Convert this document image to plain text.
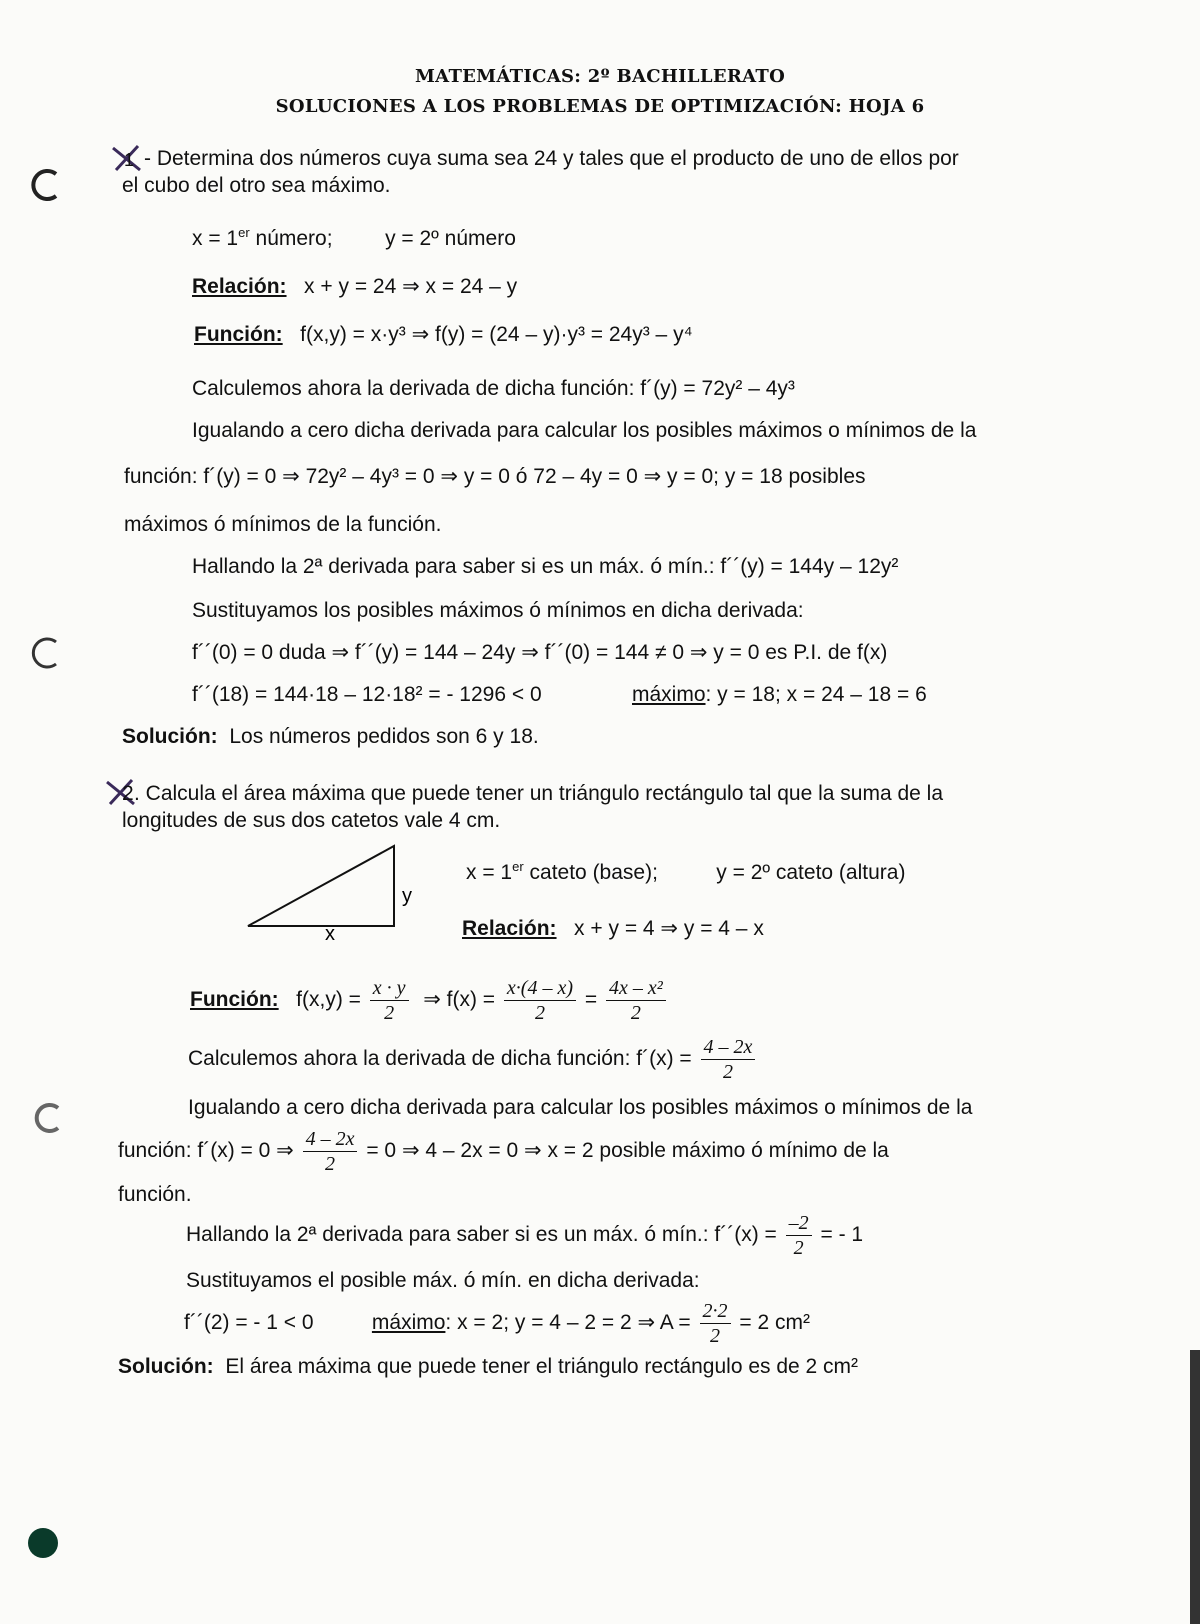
MATEMÁTICAS: 2º BACHILLERATO
SOLUCIONES A LOS PROBLEMAS DE OPTIMIZACIÓN: HOJA 6
1 - Determina dos números cuya suma sea 24 y tales que el producto de uno de ellos por
el cubo del otro sea máximo.
x = 1er número;         y = 2º número
Relación: x + y = 24 ⇒ x = 24 – y
Función: f(x,y) = x·y³ ⇒ f(y) = (24 – y)·y³ = 24y³ – y⁴
Calculemos ahora la derivada de dicha función: f´(y) = 72y² – 4y³
Igualando a cero dicha derivada para calcular los posibles máximos o mínimos de la
función: f´(y) = 0 ⇒ 72y² – 4y³ = 0 ⇒ y = 0 ó 72 – 4y = 0 ⇒ y = 0; y = 18 posibles
máximos ó mínimos de la función.
Hallando la 2ª derivada para saber si es un máx. ó mín.: f´´(y) = 144y – 12y²
Sustituyamos los posibles máximos ó mínimos en dicha derivada:
f´´(0) = 0 duda ⇒ f´´(y) = 144 – 24y ⇒ f´´(0) = 144 ≠ 0 ⇒ y = 0 es P.I. de f(x)
f´´(18) = 144·18 – 12·18² = - 1296 < 0	máximo: y = 18; x = 24 – 18 = 6
Solución: Los números pedidos son 6 y 18.
2 . Calcula el área máxima que puede tener un triángulo rectángulo tal que la suma de la
longitudes de sus dos catetos vale 4 cm.
x
y
x = 1er cateto (base);          y = 2º cateto (altura)
Relación: x + y = 4 ⇒ y = 4 – x
Función: $f(x,y) = \frac{x \cdot y}{2}$ ⇒ $f(x) = \frac{x\cdot(4 - x)}{2} = \frac{\text{4x – x²}}{2}$
Calculemos ahora la derivada de dicha función: f´(x) = $\frac{4 - 2x}{2}$
Igualando a cero dicha derivada para calcular los posibles máximos o mínimos de la
función: f´(x) = 0 ⇒ $\frac{4 - 2x}{2} = 0$ ⇒ 4 – 2x = 0 ⇒ x = 2 posible máximo ó mínimo de la
función.
Hallando la 2ª derivada para saber si es un máx. ó mín.: f´´(x) = $\frac{-2}{2}$ = - 1
Sustituyamos el posible máx. ó mín. en dicha derivada:
f´´(2) = - 1 < 0	máximo: x = 2; y = 4 – 2 = 2 ⇒ $A = \frac{2\cdot 2}{2} = 2$ cm²
Solución: El área máxima que puede tener el triángulo rectángulo es de 2 cm²
